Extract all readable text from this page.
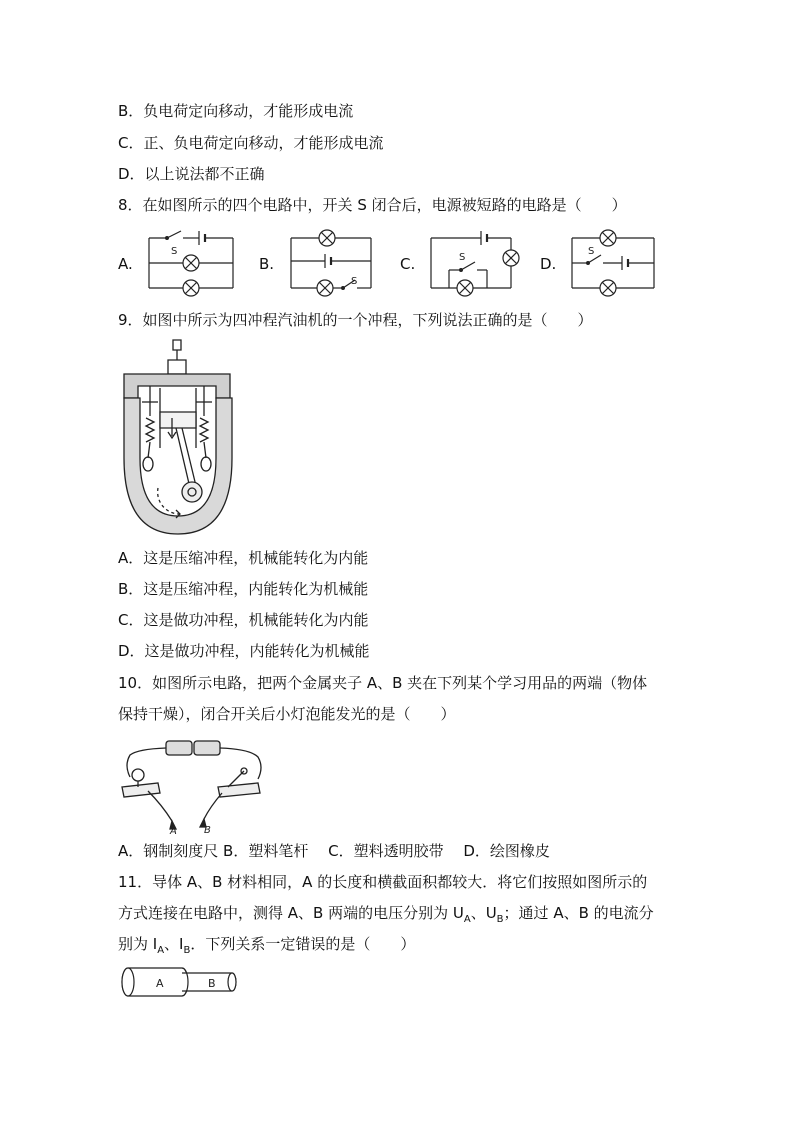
B．负电荷定向移动，才能形成电流
C．正、负电荷定向移动，才能形成电流
D．以上说法都不正确
8．在如图所示的四个电路中，开关 S 闭合后，电源被短路的电路是（　　）
A.	B.	C.	D.
S
S
S
S
9．如图中所示为四冲程汽油机的一个冲程，下列说法正确的是（　　）
A．这是压缩冲程，机械能转化为内能
B．这是压缩冲程，内能转化为机械能
C．这是做功冲程，机械能转化为内能
D．这是做功冲程，内能转化为机械能
10．如图所示电路，把两个金属夹子 A、B 夹在下列某个学习用品的两端（物体
保持干燥），闭合开关后小灯泡能发光的是（　　）
A	B
A．钢制刻度尺 B．塑料笔杆　 C．塑料透明胶带　 D．绘图橡皮
11．导体 A、B 材料相同，A 的长度和横截面积都较大．将它们按照如图所示的
方式连接在电路中，测得 A、B 两端的电压分别为 $U_A$、$U_B$；通过 A、B 的电流分
别为 $I_A$、$I_B$．下列关系一定错误的是（　　）
A	B
